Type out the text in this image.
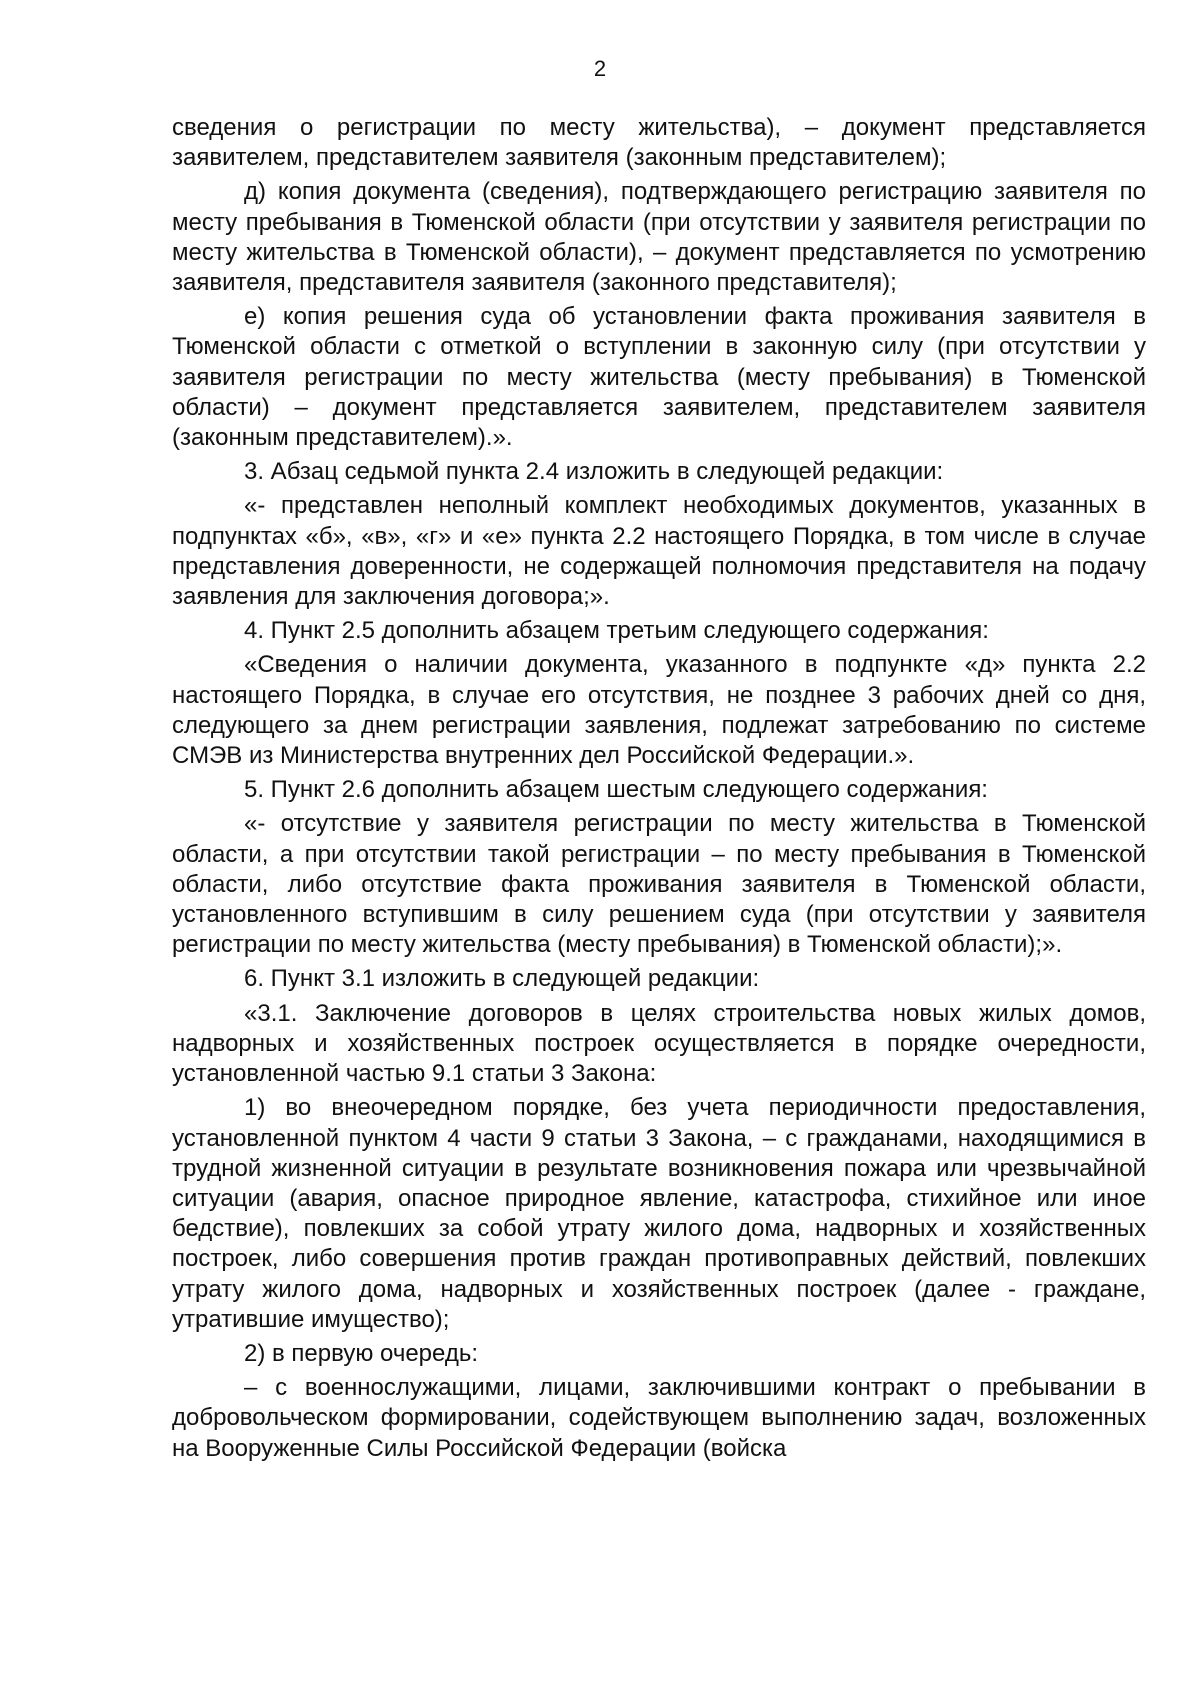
2

сведения о регистрации по месту жительства), – документ представляется заявителем, представителем заявителя (законным представителем);

д) копия документа (сведения), подтверждающего регистрацию заявителя по месту пребывания в Тюменской области (при отсутствии у заявителя регистрации по месту жительства в Тюменской области), – документ представляется по усмотрению заявителя, представителя заявителя (законного представителя);

е) копия решения суда об установлении факта проживания заявителя в Тюменской области с отметкой о вступлении в законную силу (при отсутствии у заявителя регистрации по месту жительства (месту пребывания) в Тюменской области) – документ представляется заявителем, представителем заявителя (законным представителем).».

3. Абзац седьмой пункта 2.4 изложить в следующей редакции:

«- представлен неполный комплект необходимых документов, указанных в подпунктах «б», «в», «г» и «е» пункта 2.2 настоящего Порядка, в том числе в случае представления доверенности, не содержащей полномочия представителя на подачу заявления для заключения договора;».

4. Пункт 2.5 дополнить абзацем третьим следующего содержания:

«Сведения о наличии документа, указанного в подпункте «д» пункта 2.2 настоящего Порядка, в случае его отсутствия, не позднее 3 рабочих дней со дня, следующего за днем регистрации заявления, подлежат затребованию по системе СМЭВ из Министерства внутренних дел Российской Федерации.».

5. Пункт 2.6 дополнить абзацем шестым следующего содержания:

«- отсутствие у заявителя регистрации по месту жительства в Тюменской области, а при отсутствии такой регистрации – по месту пребывания в Тюменской области, либо отсутствие факта проживания заявителя в Тюменской области, установленного вступившим в силу решением суда (при отсутствии у заявителя регистрации по месту жительства (месту пребывания) в Тюменской области);».

6. Пункт 3.1 изложить в следующей редакции:

«3.1. Заключение договоров в целях строительства новых жилых домов, надворных и хозяйственных построек осуществляется в порядке очередности, установленной частью 9.1 статьи 3 Закона:

1) во внеочередном порядке, без учета периодичности предоставления, установленной пунктом 4 части 9 статьи 3 Закона, – с гражданами, находящимися в трудной жизненной ситуации в результате возникновения пожара или чрезвычайной ситуации (авария, опасное природное явление, катастрофа, стихийное или иное бедствие), повлекших за собой утрату жилого дома, надворных и хозяйственных построек, либо совершения против граждан противоправных действий, повлекших утрату жилого дома, надворных и хозяйственных построек (далее - граждане, утратившие имущество);

2) в первую очередь:

– с военнослужащими, лицами, заключившими контракт о пребывании в добровольческом формировании, содействующем выполнению задач, возложенных на Вооруженные Силы Российской Федерации (войска
